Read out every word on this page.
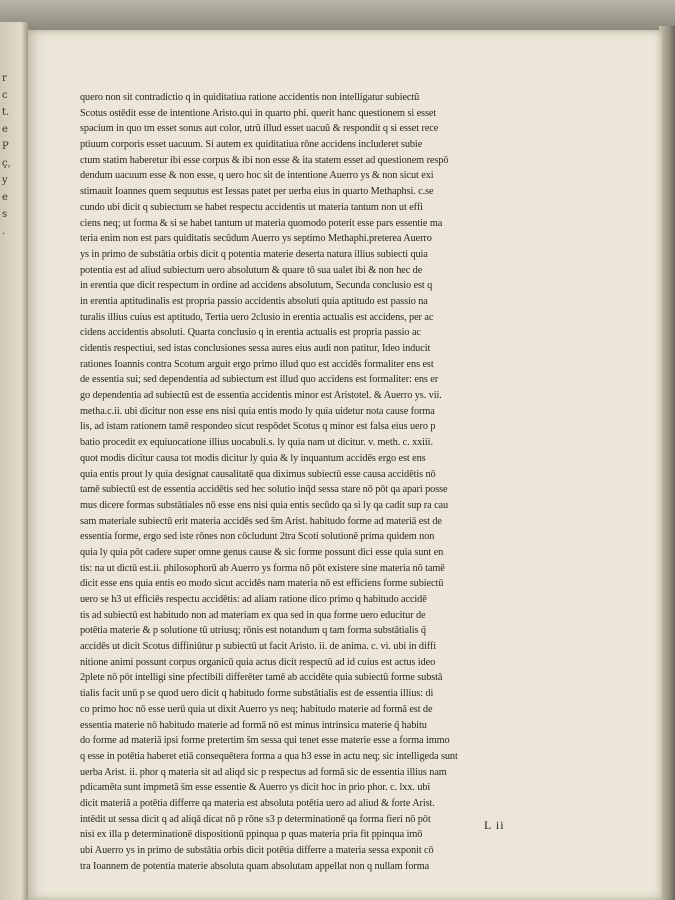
r
c
t.
e
P
ç,
y
e
s
.
quero non sit contradictio q in quiditatiua ratione accidentis non intelligatur subiectũ
Scotus ostēdit esse de intentione Aristo.qui in quarto phi. querit hanc questionem si esset
spacium in quo tm esset sonus aut color, utrũ illud esset uacuũ & respondit q si esset rece
ptiuum corporis esset uacuum. Si autem ex quiditatiua rōne accidens includeret subie
ctum statim haberetur ibi esse corpus & ibi non esse & ita statem esset ad questionem respō
dendum uacuum esse & non esse, q uero hoc sit de intentione Auerro ys & non sicut exi
stimauit Ioannes quem sequutus est Iessas patet per uerba eius in quarto Methaphsi. c.se
cundo ubi dicit q subiectum se habet respectu accidentis ut materia tantum non ut effi
ciens neq; ut forma & si se habet tantum ut materia quomodo poterit esse pars essentie ma
teria enim non est pars quiditatis secūdum Auerro ys septimo Methaphi.preterea Auerro
ys in primo de substātia orbis dicit q potentia materie deserta natura illius subiecti quia
potentia est ad aliud subiectum uero absolutum & quare tō sua ualet ibi & non hec de
in erentia que dicit respectum in ordine ad accidens absolutum, Secunda conclusio est q
in erentia aptitudinalis est propria passio accidentis absoluti quia aptitudo est passio na
turalis illius cuius est aptitudo, Tertia uero 2clusio in erentia actualis est accidens, per ac
cidens accidentis absoluti. Quarta conclusio q in erentia actualis est propria passio ac
cidentis respectiui, sed istas conclusiones sessa aures eius audi non patitur, Ideo inducit
rationes Ioannis contra Scotum arguit ergo primo illud quo est accidēs formaliter ens est
de essentia sui; sed dependentia ad subiectum est illud quo accidens est formaliter: ens er
go dependentia ad subiectũ est de essentia accidentis minor est Aristotel. & Auerro ys. vii.
metha.c.ii. ubi dicitur non esse ens nisi quia entis modo ly quia uidetur nota cause forma
lis, ad istam rationem tamē respondeo sicut respōdet Scotus q minor est falsa eius uero p
batio procedit ex equiuocatione illius uocabuli.s. ly quia nam ut dicitur. v. meth. c. xxiii.
quot modis dicitur causa tot modis dicitur ly quia & ly inquantum accidēs ergo est ens
quia entis prout ly quia designat causalitatē qua diximus subiectū esse causa accidētis nō
tamē subiectū est de essentia accidētis sed hec solutio inq̃d sessa stare nō pōt qa apari posse
mus dicere formas substātiales nō esse ens nisi quia entis secūdo qa si ly qa cadit sup ra cau
sam materiale subiectū erit materia accidēs sed s̄m Arist. habitudo forme ad materiā est de
essentia forme, ergo sed iste rōnes non cōcludunt 2tra Scoti solutionē prima quidem non
quia ly quia pōt cadere super omne genus cause & sic forme possunt dici esse quia sunt en
tis: na ut dictū est.ii. philosophorū ab Auerro ys forma nō pōt existere sine materia nō tamē
dicit esse ens quia entis eo modo sicut accidēs nam materia nō est efficiens forme subiectū
uero se h3 ut efficiēs respectu accidētis: ad aliam ratione dico primo q habitudo accidē
tis ad subiectū est habitudo non ad materiam ex qua sed in qua forme uero educitur de
potētia materie & p solutione tū utriusq; rōnis est notandum q tam forma substātialis q̃
accidēs ut dicit Scotus diffiniūtur p subiectū ut facit Aristo. ii. de anima. c. vi. ubi in diffi
nitione animi possunt corpus organicū quia actus dicit respectū ad id cuius est actus ideo
2plete nō pōt intelligi sine pfectibili differēter tamē ab accidēte quia subiectū forme substā
tialis facit unū p se quod uero dicit q habitudo forme substātialis est de essentia illius: di
co primo hoc nō esse uerū quia ut dixit Auerro ys neq; habitudo materie ad formā est de
essentia materie nō habitudo materie ad formā nō est minus intrinsica materie q̃ habitu
do forme ad materiā ipsi forme pretertim s̄m sessa qui tenet esse materie esse a forma immo
q esse in potētia haberet etiā consequētera forma a qua h3 esse in actu neq; sic intelligeda sunt
uerba Arist. ii. phor q materia sit ad aliqd sic p respectus ad formā sic de essentia illius nam
pdicamēta sunt impmetā s̄m esse essentie & Auerro ys dicit hoc in prio phor. c. lxx. ubi
dicit materiā a potētia differre qa materia est absoluta potētia uero ad aliud & forte Arist.
intēdit ut sessa dicit q ad aliqā dicat nō p rōne s3 p determinationē qa forma fieri nō pōt
nisi ex illa p determinationē dispositionū ppinqua p quas materia pria fit ppinqua imō
ubi Auerro ys in primo de substātia orbis dicit potētia differre a materia sessa exponit cō
tra Ioannem de potentia materie absoluta quam absolutam appellat non q nullam forma
L ii
